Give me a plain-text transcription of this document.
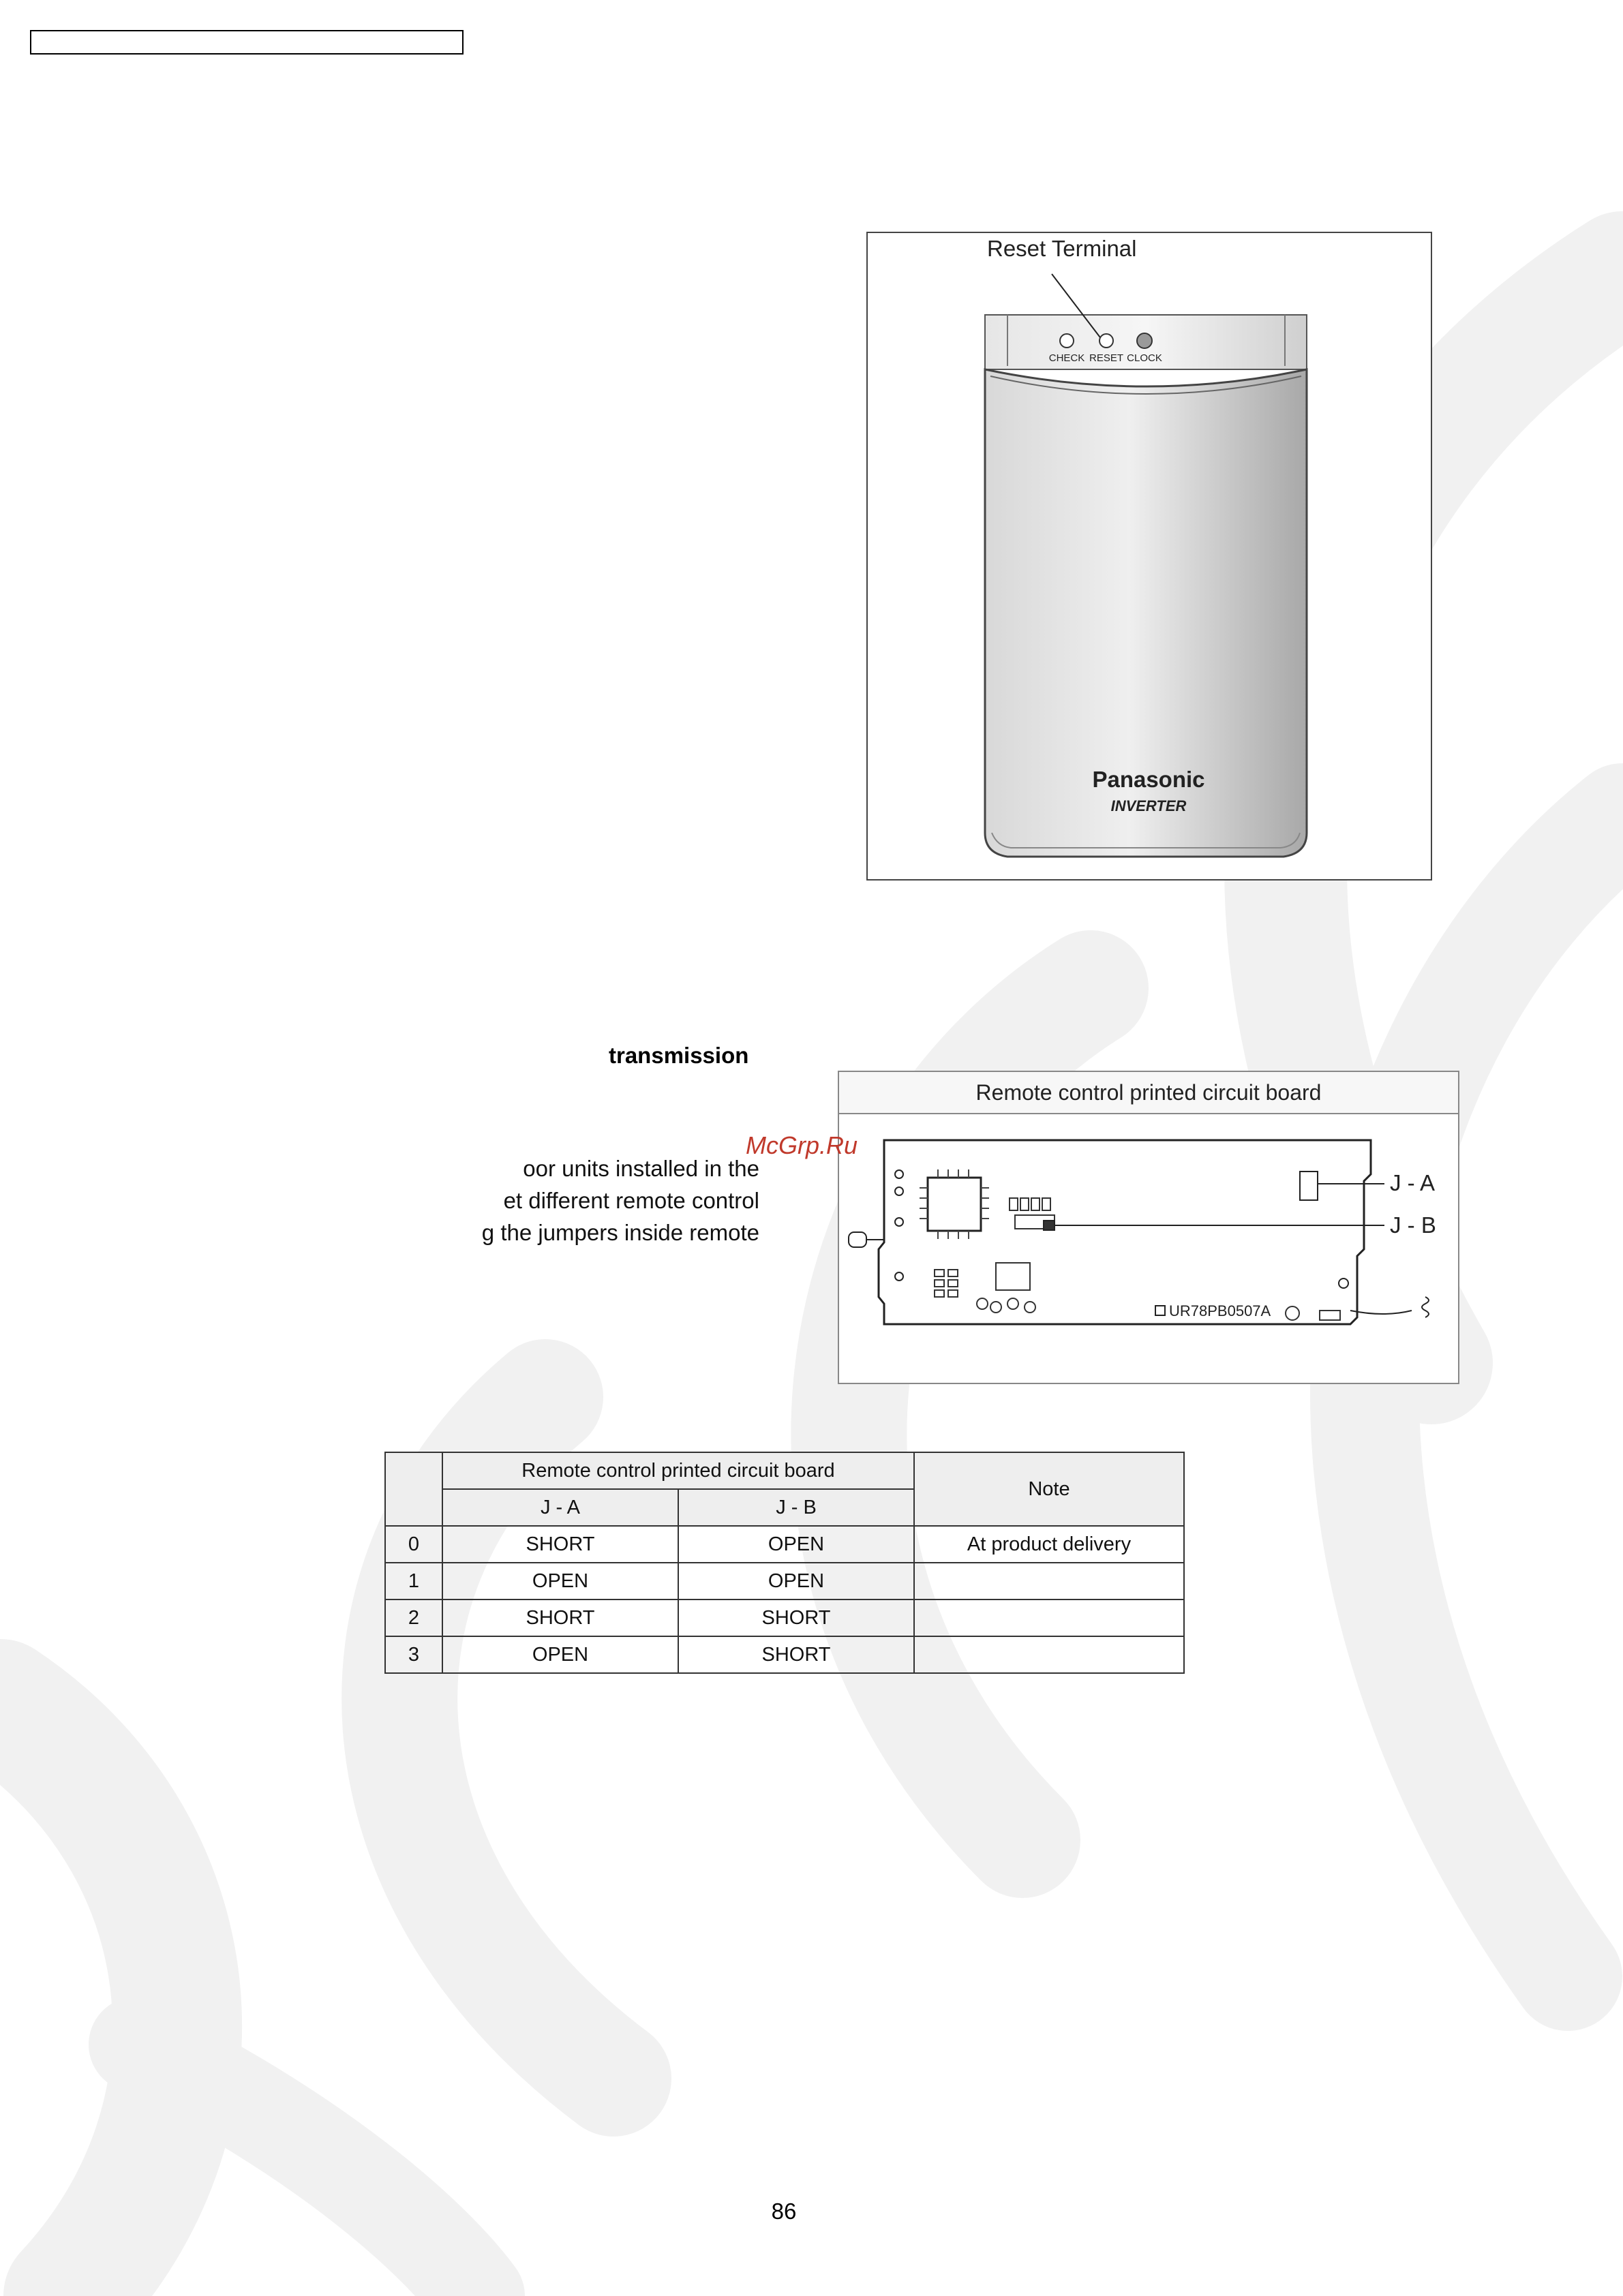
CHECK RESET CLOCK
Panasonic
INVERTER
Reset Terminal
transmission
oor units installed in the
et different remote control
g the jumpers inside remote
Remote control printed circuit board
J - A
J - B
UR78PB0507A
McGrp.Ru
	Remote control printed circuit board		Note
	J - A	J - B	
0	SHORT	OPEN	At product delivery
1	OPEN	OPEN	
2	SHORT	SHORT	
3	OPEN	SHORT	
86
